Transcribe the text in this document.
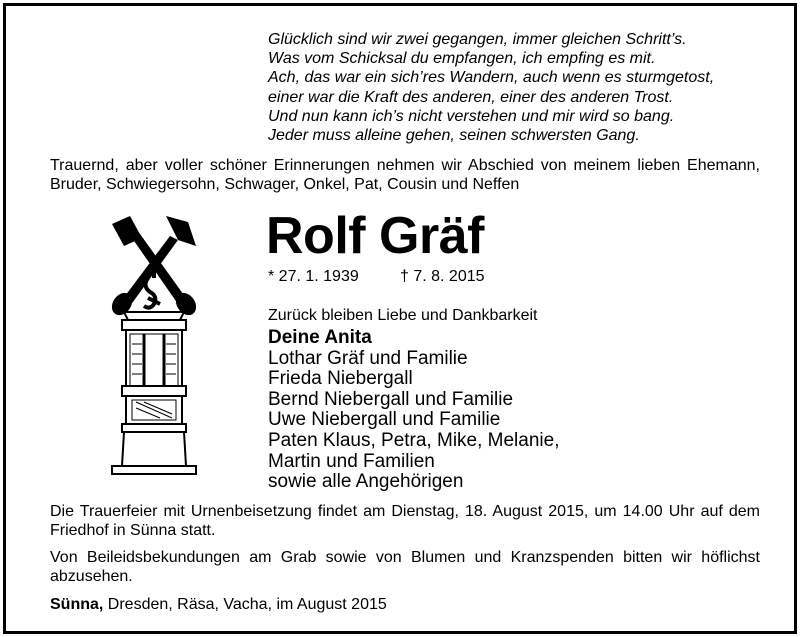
Glücklich sind wir zwei gegangen, immer gleichen Schritt’s.
Was vom Schicksal du empfangen, ich empfing es mit.
Ach, das war ein sich’res Wandern, auch wenn es sturmgetost,
einer war die Kraft des anderen, einer des anderen Trost.
Und nun kann ich’s nicht verstehen und mir wird so bang.
Jeder muss alleine gehen, seinen schwersten Gang.
Trauernd, aber voller schöner Erinnerungen nehmen wir Abschied von meinem lieben Ehemann, Bruder, Schwiegersohn, Schwager, Onkel, Pat, Cousin und Neffen
Rolf Gräf
* 27. 1. 1939	† 7. 8. 2015
Zurück bleiben Liebe und Dankbarkeit
Deine Anita
Lothar Gräf und Familie
Frieda Niebergall
Bernd Niebergall und Familie
Uwe Niebergall und Familie
Paten Klaus, Petra, Mike, Melanie,
Martin und Familien
sowie alle Angehörigen
Die Trauerfeier mit Urnenbeisetzung findet am Dienstag, 18. August 2015, um 14.00 Uhr auf dem Friedhof in Sünna statt.
Von Beileidsbekundungen am Grab sowie von Blumen und Kranzspenden bitten wir höflichst abzusehen.
Sünna, Dresden, Räsa, Vacha, im August 2015
